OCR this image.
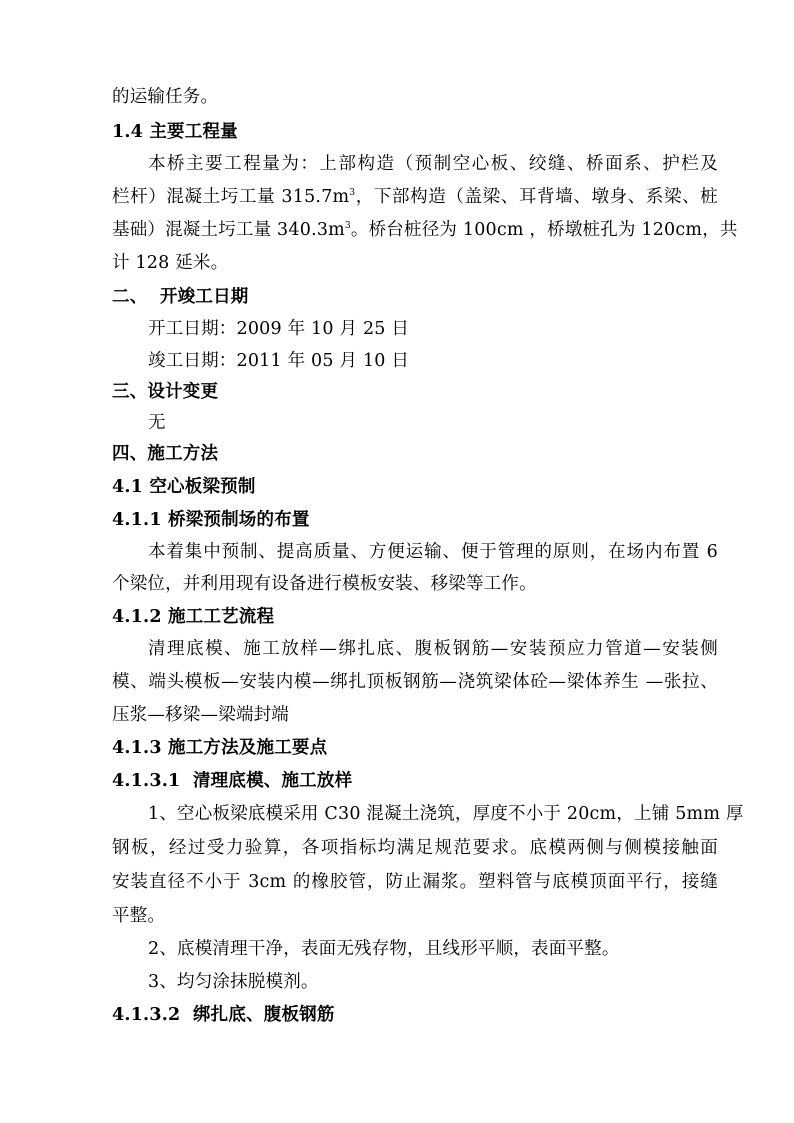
的运输任务。
1.4 主要工程量
本桥主要工程量为：上部构造（预制空心板、绞缝、桥面系、护栏及
栏杆）混凝土圬工量 $315.7m^3$，下部构造（盖梁、耳背墙、墩身、系梁、桩
基础）混凝土圬工量 $340.3m^3$。桥台桩径为 100cm ，桥墩桩孔为 120cm，共
计 128 延米。
二、  开竣工日期
开工日期：2009 年 10 月 25 日
竣工日期：2011 年 05 月 10 日
三、设计变更
无
四、施工方法
4.1 空心板梁预制
4.1.1 桥梁预制场的布置
本着集中预制、提高质量、方便运输、便于管理的原则，在场内布置 6
个梁位，并利用现有设备进行模板安装、移梁等工作。
4.1.2 施工工艺流程
清理底模、施工放样—绑扎底、腹板钢筋—安装预应力管道—安装侧
模、端头模板—安装内模—绑扎顶板钢筋—浇筑梁体砼—梁体养生 —张拉、
压浆—移梁—梁端封端
4.1.3 施工方法及施工要点
4.1.3.1  清理底模、施工放样
1、空心板梁底模采用 C30 混凝土浇筑，厚度不小于 20cm，上铺 5mm 厚
钢板，经过受力验算，各项指标均满足规范要求。底模两侧与侧模接触面
安装直径不小于 3cm 的橡胶管，防止漏浆。塑料管与底模顶面平行，接缝
平整。
2、底模清理干净，表面无残存物，且线形平顺，表面平整。
3、均匀涂抹脱模剂。
4.1.3.2  绑扎底、腹板钢筋
